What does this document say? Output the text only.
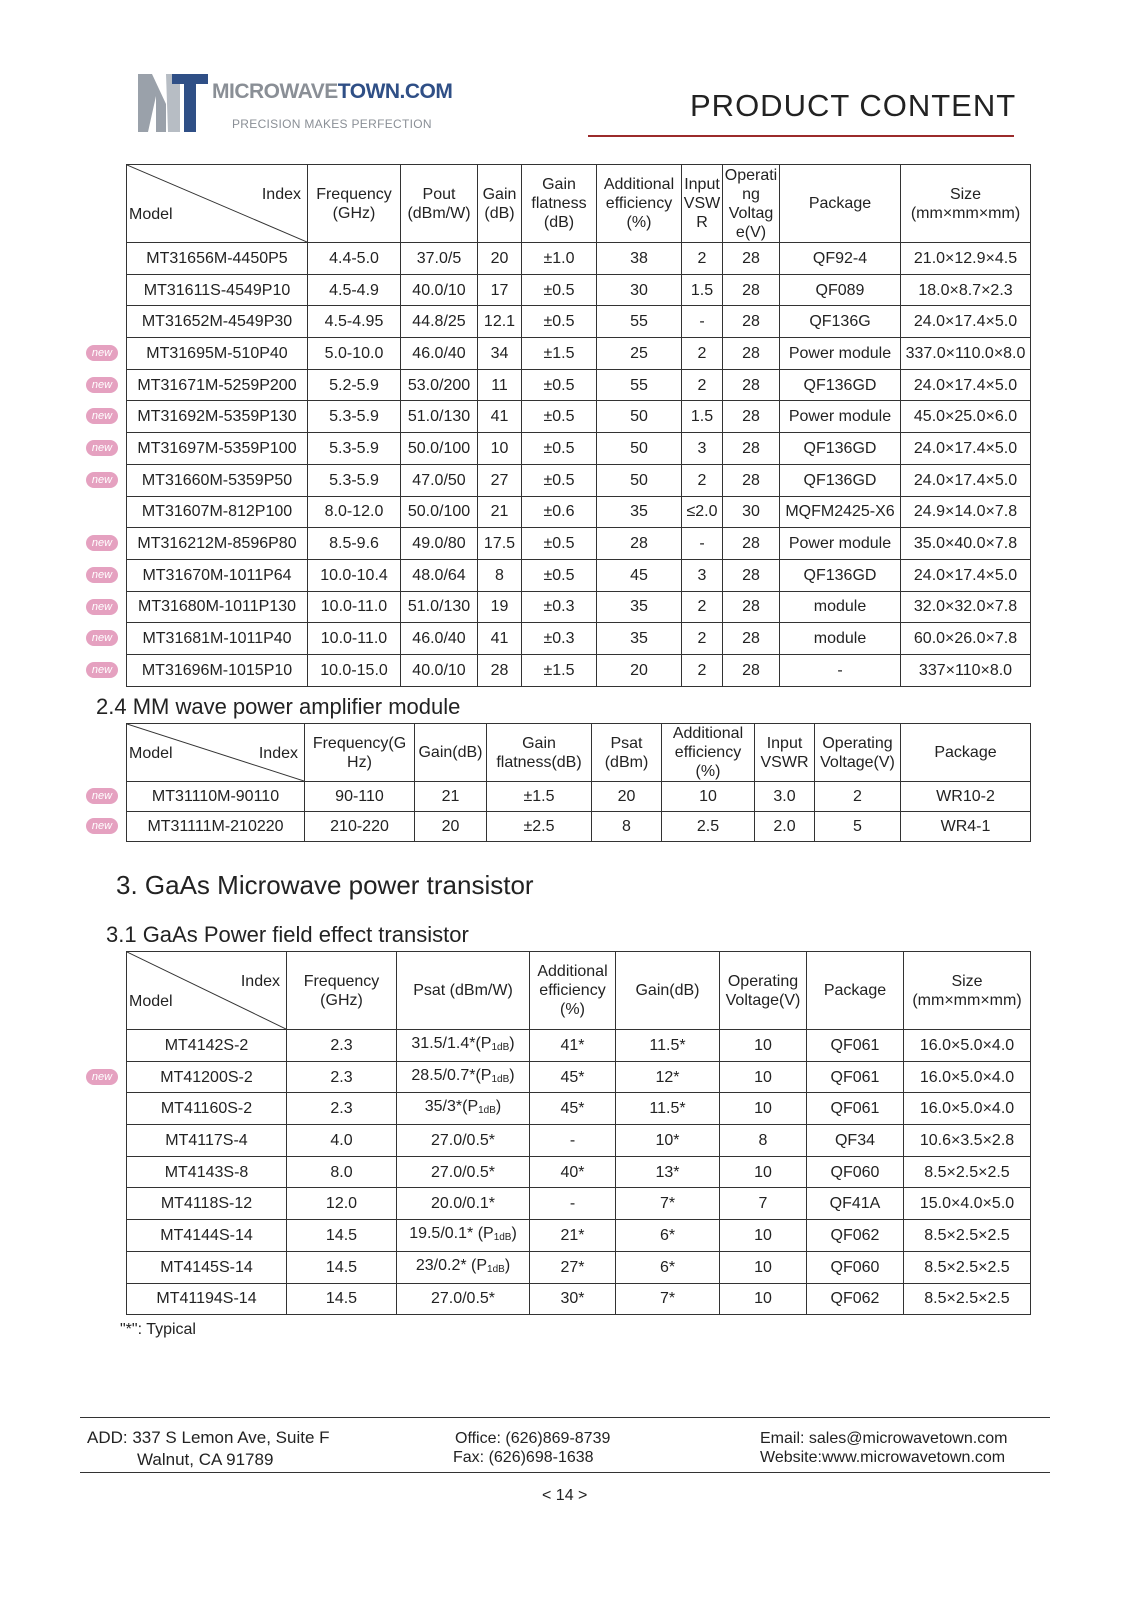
MICROWAVETOWN.COM
PRECISION MAKES PERFECTION
PRODUCT CONTENT
Index
Model	Frequency (GHz)	Pout (dBm/W)	Gain (dB)	Gain flatness (dB)	Additional efficiency (%)	Input VSW R	Operati ng Voltag e(V)	Package	Size (mm×mm×mm)
MT31656M-4450P5	4.4-5.0	37.0/5	20	±1.0	38	2	28	QF92-4	21.0×12.9×4.5
MT31611S-4549P10	4.5-4.9	40.0/10	17	±0.5	30	1.5	28	QF089	18.0×8.7×2.3
MT31652M-4549P30	4.5-4.95	44.8/25	12.1	±0.5	55	-	28	QF136G	24.0×17.4×5.0
MT31695M-510P40	5.0-10.0	46.0/40	34	±1.5	25	2	28	Power module	337.0×110.0×8.0
MT31671M-5259P200	5.2-5.9	53.0/200	11	±0.5	55	2	28	QF136GD	24.0×17.4×5.0
MT31692M-5359P130	5.3-5.9	51.0/130	41	±0.5	50	1.5	28	Power module	45.0×25.0×6.0
MT31697M-5359P100	5.3-5.9	50.0/100	10	±0.5	50	3	28	QF136GD	24.0×17.4×5.0
MT31660M-5359P50	5.3-5.9	47.0/50	27	±0.5	50	2	28	QF136GD	24.0×17.4×5.0
MT31607M-812P100	8.0-12.0	50.0/100	21	±0.6	35	≤2.0	30	MQFM2425-X6	24.9×14.0×7.8
MT316212M-8596P80	8.5-9.6	49.0/80	17.5	±0.5	28	-	28	Power module	35.0×40.0×7.8
MT31670M-1011P64	10.0-10.4	48.0/64	8	±0.5	45	3	28	QF136GD	24.0×17.4×5.0
MT31680M-1011P130	10.0-11.0	51.0/130	19	±0.3	35	2	28	module	32.0×32.0×7.8
MT31681M-1011P40	10.0-11.0	46.0/40	41	±0.3	35	2	28	module	60.0×26.0×7.8
MT31696M-1015P10	10.0-15.0	40.0/10	28	±1.5	20	2	28	-	337×110×8.0
2.4 MM wave power amplifier module
Index
Model	Frequency(G Hz)	Gain(dB)	Gain flatness(dB)	Psat (dBm)	Additional efficiency (%)	Input VSWR	Operating Voltage(V)	Package
MT31110M-90110	90-110	21	±1.5	20	10	3.0	2	WR10-2
MT31111M-210220	210-220	20	±2.5	8	2.5	2.0	5	WR4-1
3. GaAs Microwave power transistor
3.1 GaAs Power field effect transistor
Index
Model	Frequency (GHz)	Psat (dBm/W)	Additional efficiency (%)	Gain(dB)	Operating Voltage(V)	Package	Size (mm×mm×mm)
MT4142S-2	2.3	$31.5/1.4*(P_{1dB})$	41*	11.5*	10	QF061	16.0×5.0×4.0
MT41200S-2	2.3	$28.5/0.7*(P_{1dB})$	45*	12*	10	QF061	16.0×5.0×4.0
MT41160S-2	2.3	$35/3*(P_{1dB})$	45*	11.5*	10	QF061	16.0×5.0×4.0
MT4117S-4	4.0	27.0/0.5*	-	10*	8	QF34	10.6×3.5×2.8
MT4143S-8	8.0	27.0/0.5*	40*	13*	10	QF060	8.5×2.5×2.5
MT4118S-12	12.0	20.0/0.1*	-	7*	7	QF41A	15.0×4.0×5.0
MT4144S-14	14.5	19.5/0.1* $(P_{1dB})$	21*	6*	10	QF062	8.5×2.5×2.5
MT4145S-14	14.5	23/0.2* $(P_{1dB})$	27*	6*	10	QF060	8.5×2.5×2.5
MT41194S-14	14.5	27.0/0.5*	30*	7*	10	QF062	8.5×2.5×2.5
"*": Typical
ADD: 337 S Lemon Ave, Suite F
Walnut, CA 91789
Office: (626)869-8739
Fax: (626)698-1638
Email: sales@microwavetown.com
Website:www.microwavetown.com
< 14 >
new
new
new
new
new
new
new
new
new
new
new
new
new
